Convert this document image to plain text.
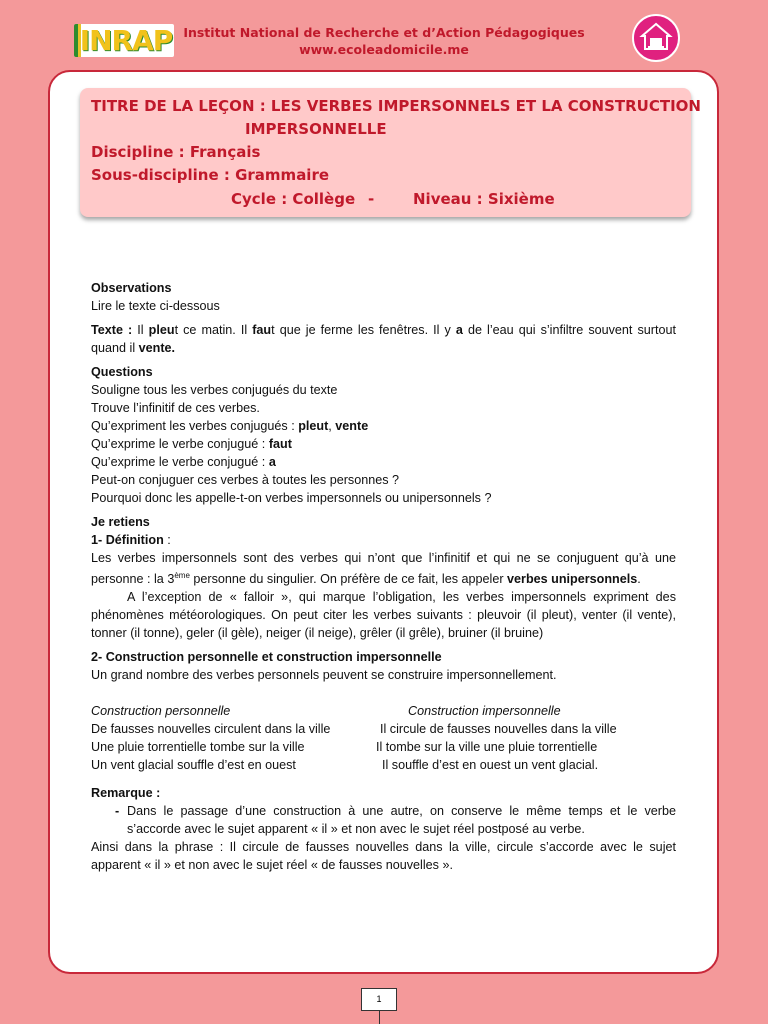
INRAP Institut National de Recherche et d’Action Pédagogiques
www.ecoleadomicile.me
TITRE DE LA LEÇON : LES VERBES IMPERSONNELS ET LA CONSTRUCTION
IMPERSONNELLE
Discipline : Français
Sous-discipline : Grammaire
Cycle : Collège -	Niveau : Sixième

Observations

Lire le texte ci-dessous

Texte : Il pleut ce matin. Il faut que je ferme les fenêtres. Il y a de l’eau qui s’infiltre souvent surtout quand il vente.

Questions

Souligne tous les verbes conjugués du texte

Trouve l’infinitif de ces verbes.

Qu’expriment les verbes conjugués : pleut, vente

Qu’exprime le verbe conjugué : faut

Qu’exprime le verbe conjugué : a

Peut-on conjuguer ces verbes à toutes les personnes ?

Pourquoi donc les appelle-t-on verbes impersonnels ou unipersonnels ?

Je retiens

1- Définition :

Les verbes impersonnels sont des verbes qui n’ont que l’infinitif et qui ne se conjuguent qu’à une personne : la 3ème personne du singulier. On préfère de ce fait, les appeler verbes unipersonnels.

A l’exception de « falloir », qui marque l’obligation, les verbes impersonnels expriment des phénomènes météorologiques. On peut citer les verbes suivants : pleuvoir (il pleut), venter (il vente), tonner (il tonne), geler (il gèle), neiger (il neige), grêler (il grêle), bruiner (il bruine)

2- Construction personnelle et construction impersonnelle

Un grand nombre des verbes personnels peuvent se construire impersonnellement.

Construction personnelle	Construction impersonnelle
De fausses nouvelles circulent dans la ville	Il circule de fausses nouvelles dans la ville
Une pluie torrentielle tombe sur la ville	Il tombe sur la ville une pluie torrentielle
Un vent glacial souffle d’est en ouest	Il souffle d’est en ouest un vent glacial.

Remarque :

- Dans le passage d’une construction à une autre, on conserve le même temps et le verbe s’accorde avec le sujet apparent « il » et non avec le sujet réel postposé au verbe.

Ainsi dans la phrase : Il circule de fausses nouvelles dans la ville, circule s’accorde avec le sujet apparent « il » et non avec le sujet réel « de fausses nouvelles ».

1
